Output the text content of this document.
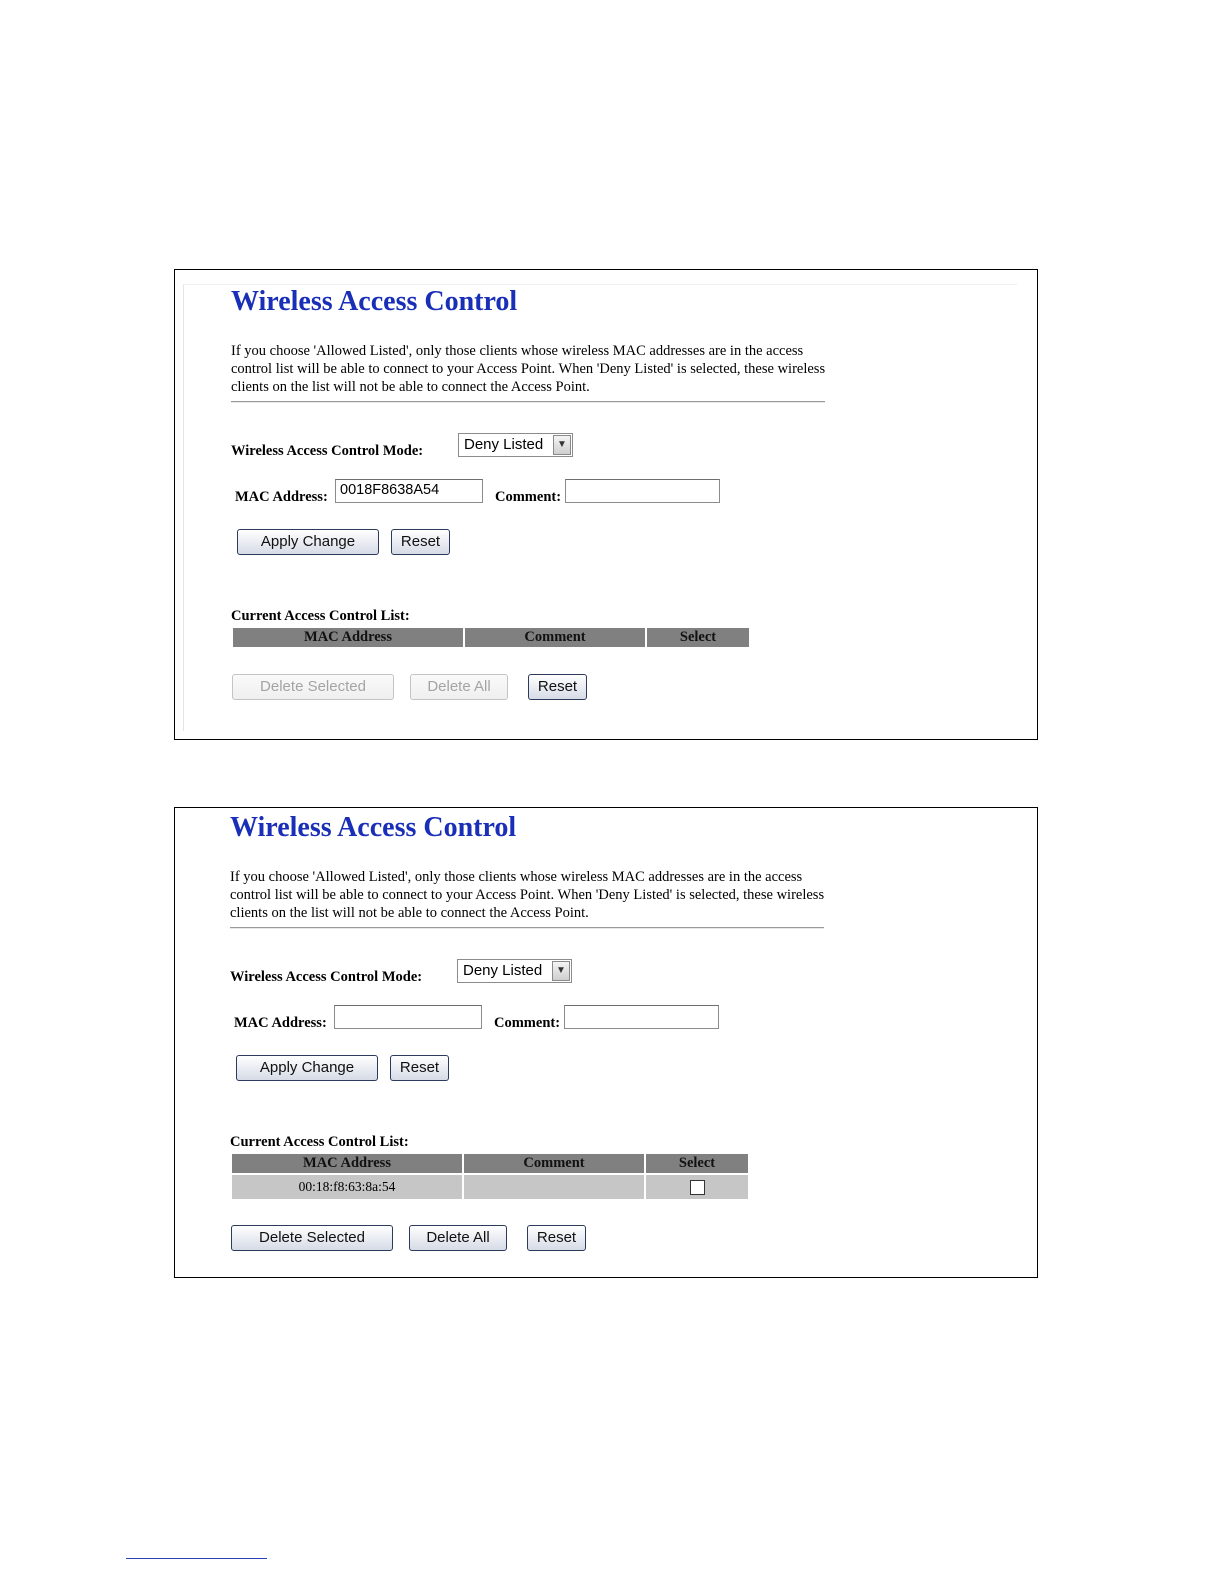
Wireless Access Control
If you choose 'Allowed Listed', only those clients whose wireless MAC addresses are in the access control list will be able to connect to your Access Point. When 'Deny Listed' is selected, these wireless clients on the list will not be able to connect the Access Point.
Wireless Access Control Mode:	Deny Listed	▼
MAC Address: 0018F8638A54	Comment:
Apply Change	Reset
Current Access Control List:
MAC Address	Comment	Select
Delete Selected	Delete All	Reset
Wireless Access Control
If you choose 'Allowed Listed', only those clients whose wireless MAC addresses are in the access control list will be able to connect to your Access Point. When 'Deny Listed' is selected, these wireless clients on the list will not be able to connect the Access Point.
Wireless Access Control Mode:	Deny Listed	▼
MAC Address:	Comment:
Apply Change	Reset
Current Access Control List:
MAC Address	Comment	Select
00:18:f8:63:8a:54		
Delete Selected	Delete All	Reset
